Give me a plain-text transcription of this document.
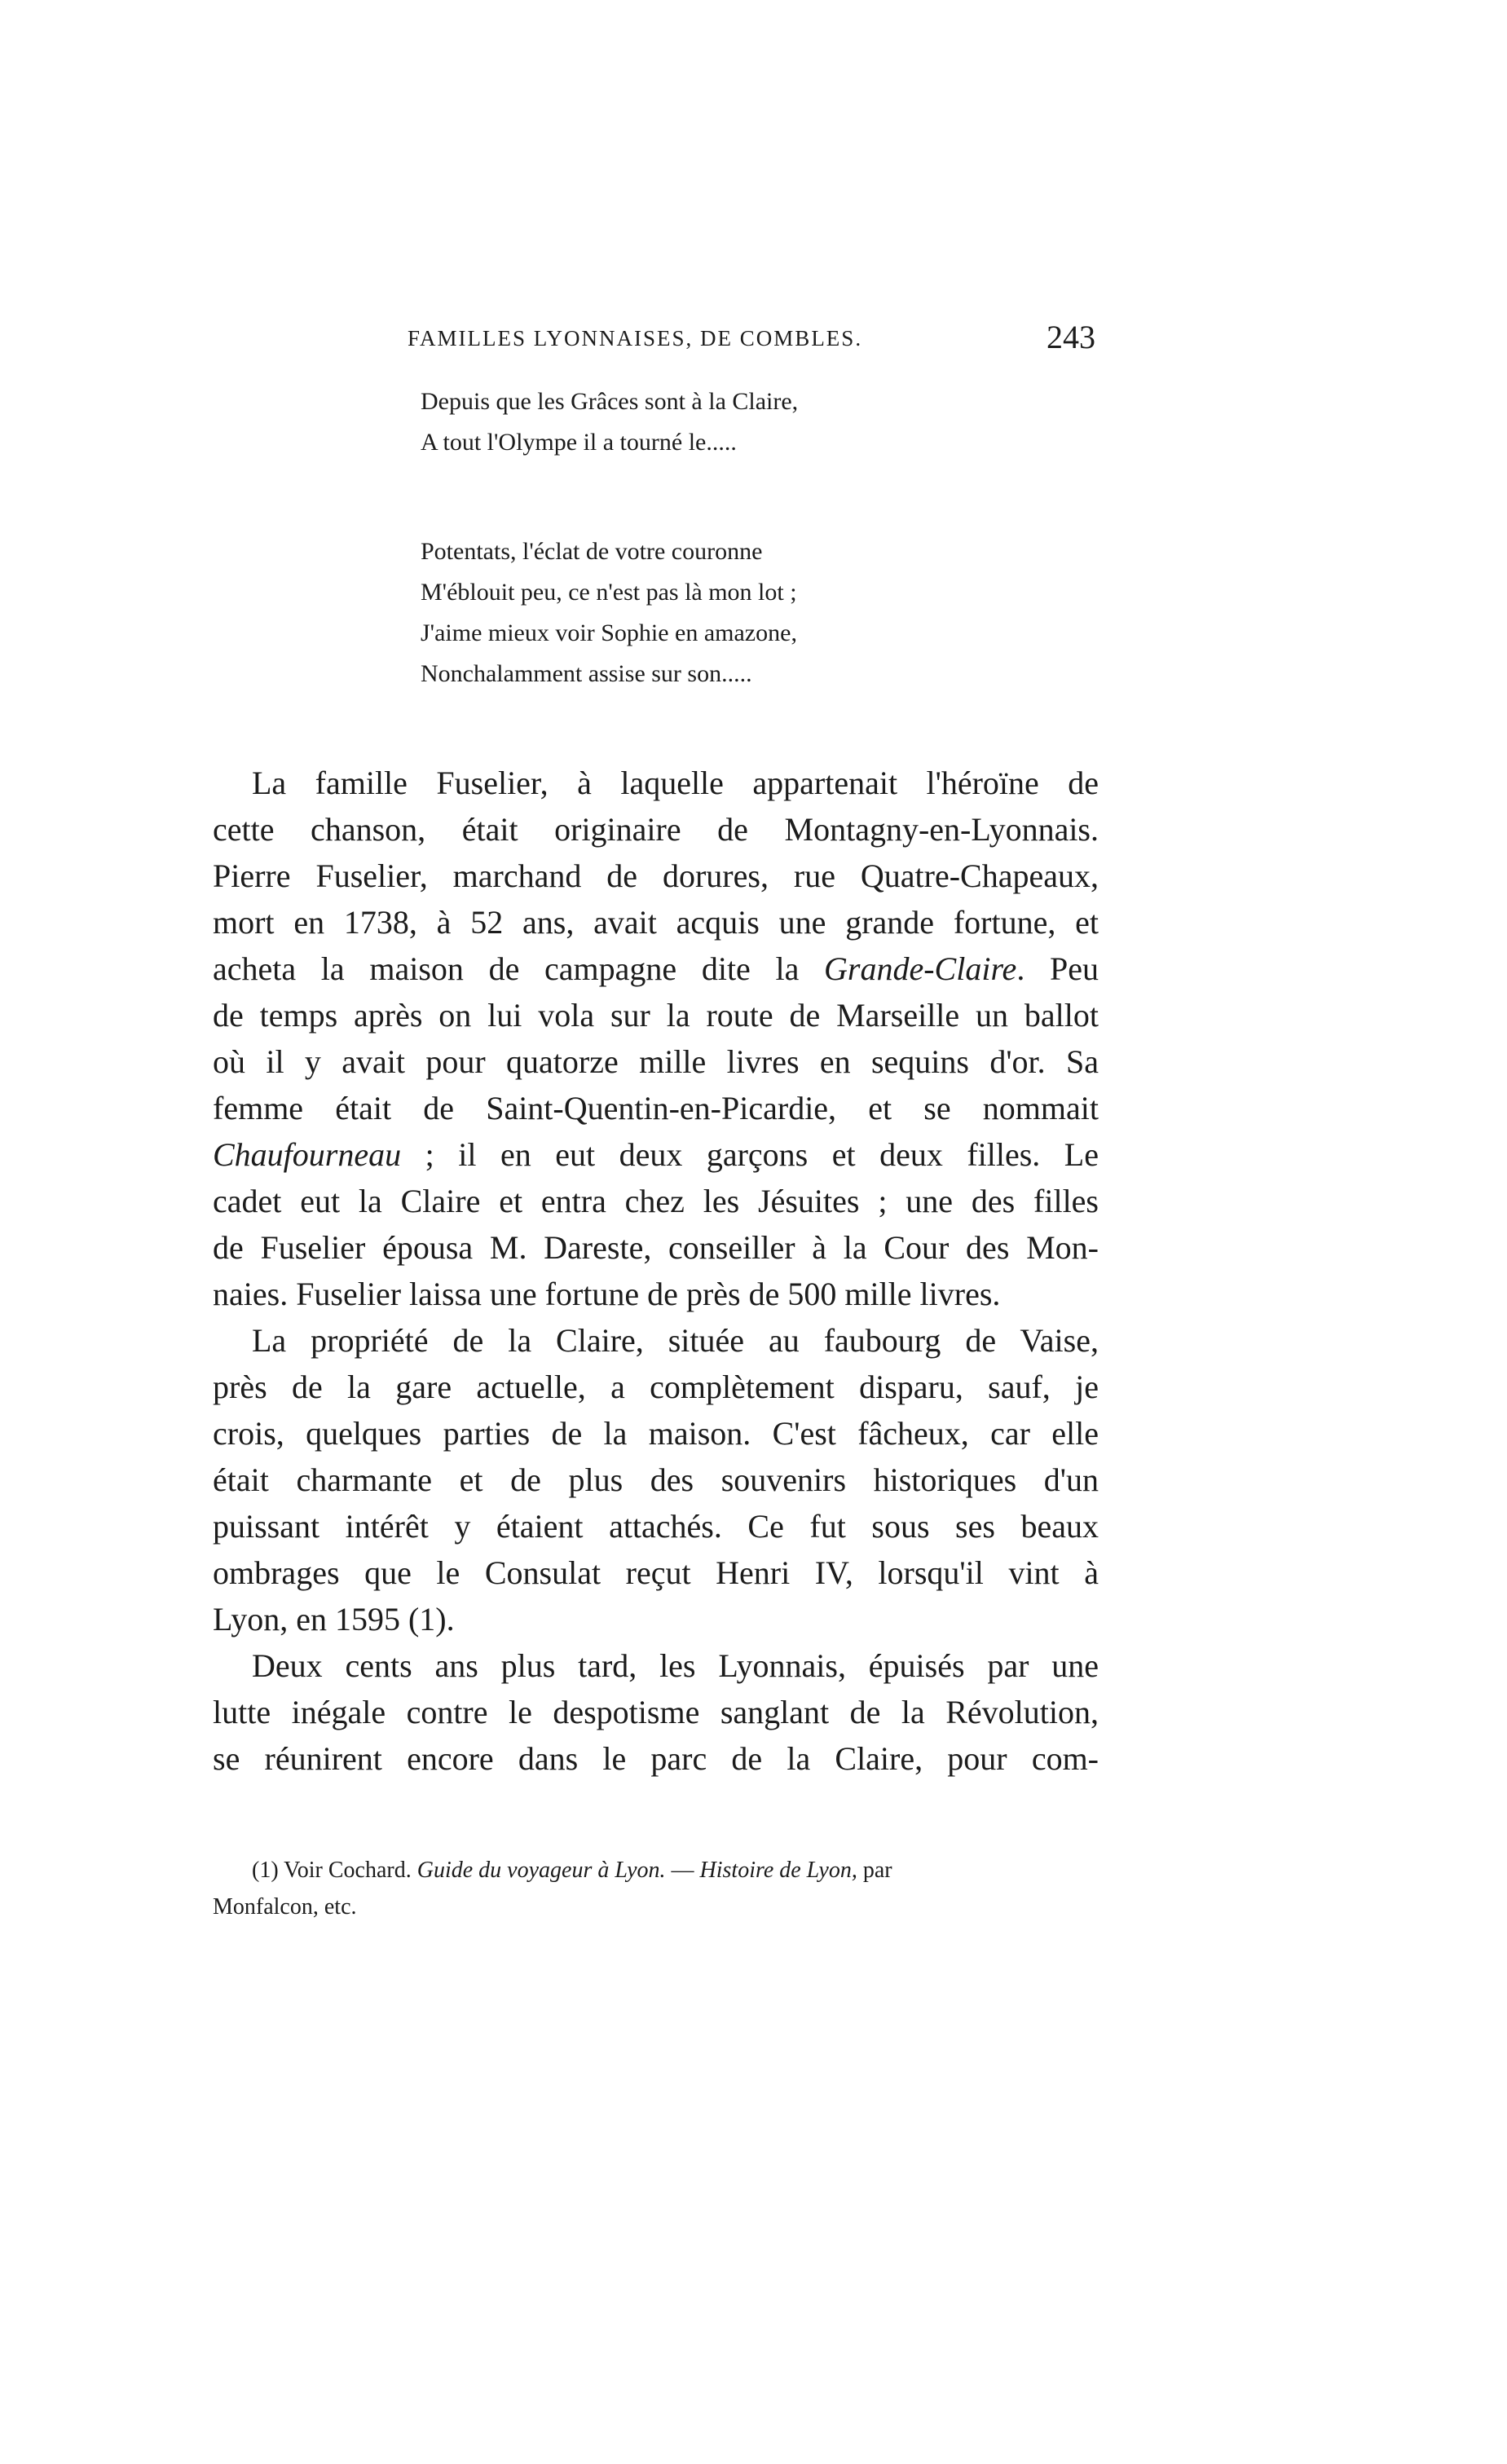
FAMILLES LYONNAISES, DE COMBLES.	243

Depuis que les Grâces sont à la Claire,

A tout l'Olympe il a tourné le.....

Potentats, l'éclat de votre couronne

M'éblouit peu, ce n'est pas là mon lot ;

J'aime mieux voir Sophie en amazone,

Nonchalamment assise sur son.....

La famille Fuselier, à laquelle appartenait l'héroïne de
cette chanson, était originaire de Montagny-en-Lyonnais.
Pierre Fuselier, marchand de dorures, rue Quatre-Chapeaux,
mort en 1738, à 52 ans, avait acquis une grande fortune, et
acheta la maison de campagne dite la Grande-Claire. Peu
de temps après on lui vola sur la route de Marseille un ballot
où il y avait pour quatorze mille livres en sequins d'or. Sa
femme était de Saint-Quentin-en-Picardie, et se nommait
Chaufourneau ; il en eut deux garçons et deux filles. Le
cadet eut la Claire et entra chez les Jésuites ; une des filles
de Fuselier épousa M. Dareste, conseiller à la Cour des Mon-
naies. Fuselier laissa une fortune de près de 500 mille livres.
La propriété de la Claire, située au faubourg de Vaise,
près de la gare actuelle, a complètement disparu, sauf, je
crois, quelques parties de la maison. C'est fâcheux, car elle
était charmante et de plus des souvenirs historiques d'un
puissant intérêt y étaient attachés. Ce fut sous ses beaux
ombrages que le Consulat reçut Henri IV, lorsqu'il vint à
Lyon, en 1595 (1).
Deux cents ans plus tard, les Lyonnais, épuisés par une
lutte inégale contre le despotisme sanglant de la Révolution,
se réunirent encore dans le parc de la Claire, pour com-
(1) Voir Cochard. Guide du voyageur à Lyon. — Histoire de Lyon, par
Monfalcon, etc.
